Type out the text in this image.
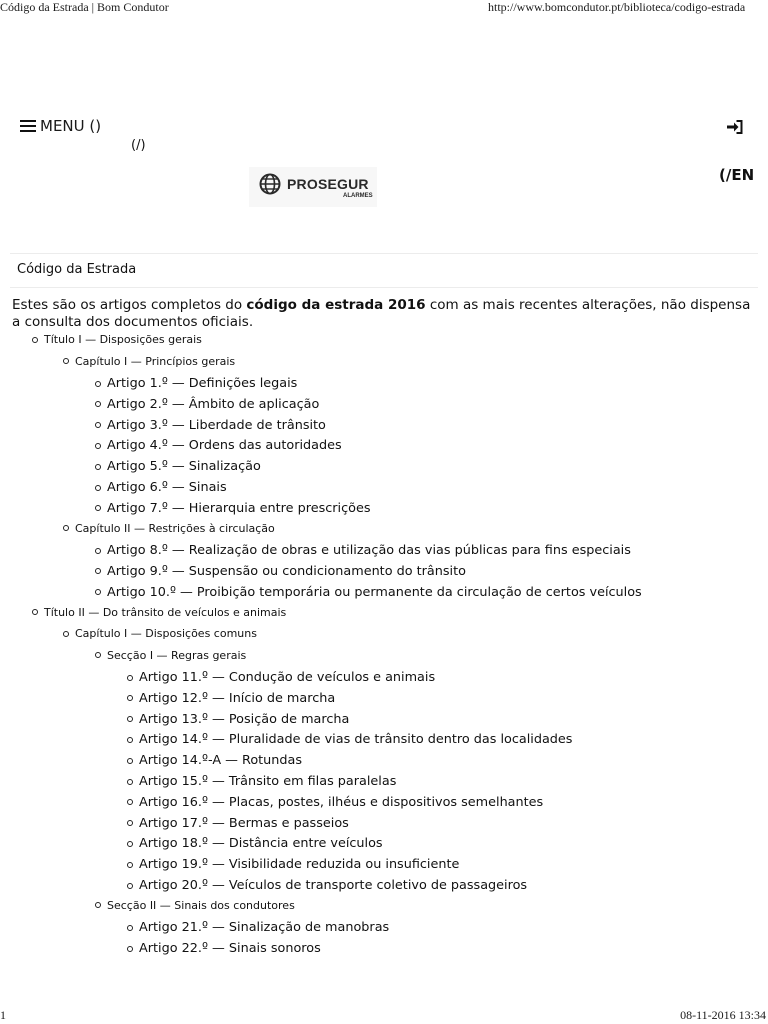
Código da Estrada | Bom Condutor	http://www.bomcondutor.pt/biblioteca/codigo-estrada
MENU ()
(/)
(/EN
PROSEGUR
ALARMES
Código da Estrada

Estes são os artigos completos do código da estrada 2016 com as mais recentes alterações, não dispensa a consulta dos documentos oficiais.

Título I — Disposições gerais
Capítulo I — Princípios gerais
Artigo 1.º — Definições legais
Artigo 2.º — Âmbito de aplicação
Artigo 3.º — Liberdade de trânsito
Artigo 4.º — Ordens das autoridades
Artigo 5.º — Sinalização
Artigo 6.º — Sinais
Artigo 7.º — Hierarquia entre prescrições
Capítulo II — Restrições à circulação
Artigo 8.º — Realização de obras e utilização das vias públicas para fins especiais
Artigo 9.º — Suspensão ou condicionamento do trânsito
Artigo 10.º — Proibição temporária ou permanente da circulação de certos veículos
Título II — Do trânsito de veículos e animais
Capítulo I — Disposições comuns
Secção I — Regras gerais
Artigo 11.º — Condução de veículos e animais
Artigo 12.º — Início de marcha
Artigo 13.º — Posição de marcha
Artigo 14.º — Pluralidade de vias de trânsito dentro das localidades
Artigo 14.º-A — Rotundas
Artigo 15.º — Trânsito em filas paralelas
Artigo 16.º — Placas, postes, ilhéus e dispositivos semelhantes
Artigo 17.º — Bermas e passeios
Artigo 18.º — Distância entre veículos
Artigo 19.º — Visibilidade reduzida ou insuficiente
Artigo 20.º — Veículos de transporte coletivo de passageiros
Secção II — Sinais dos condutores
Artigo 21.º — Sinalização de manobras
Artigo 22.º — Sinais sonoros
1	08-11-2016 13:34
